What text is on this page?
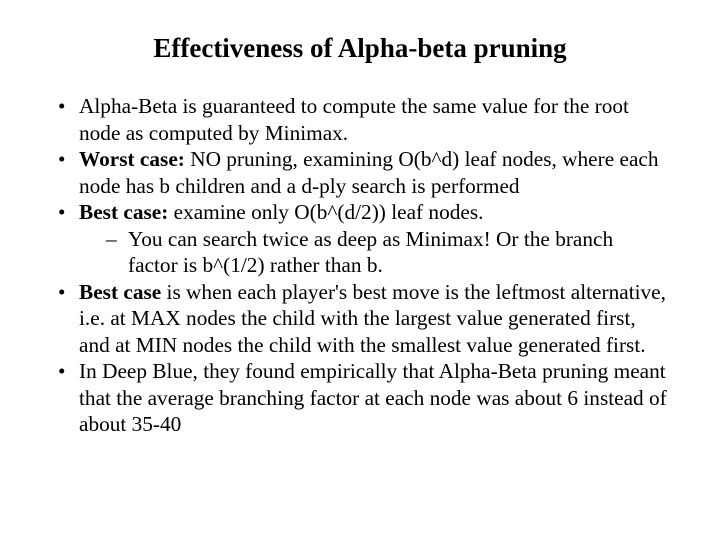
Effectiveness of Alpha-beta pruning
• Alpha-Beta is guaranteed to compute the same value for the root node as computed by Minimax.
• Worst case: NO pruning, examining O(b^d) leaf nodes, where each node has b children and a d-ply search is performed
• Best case: examine only O(b^(d/2)) leaf nodes.
– You can search twice as deep as Minimax! Or the branch factor is b^(1/2) rather than b.
• Best case is when each player's best move is the leftmost alternative, i.e. at MAX nodes the child with the largest value generated first, and at MIN nodes the child with the smallest value generated first.
• In Deep Blue, they found empirically that Alpha-Beta pruning meant that the average branching factor at each node was about 6 instead of about 35-40
